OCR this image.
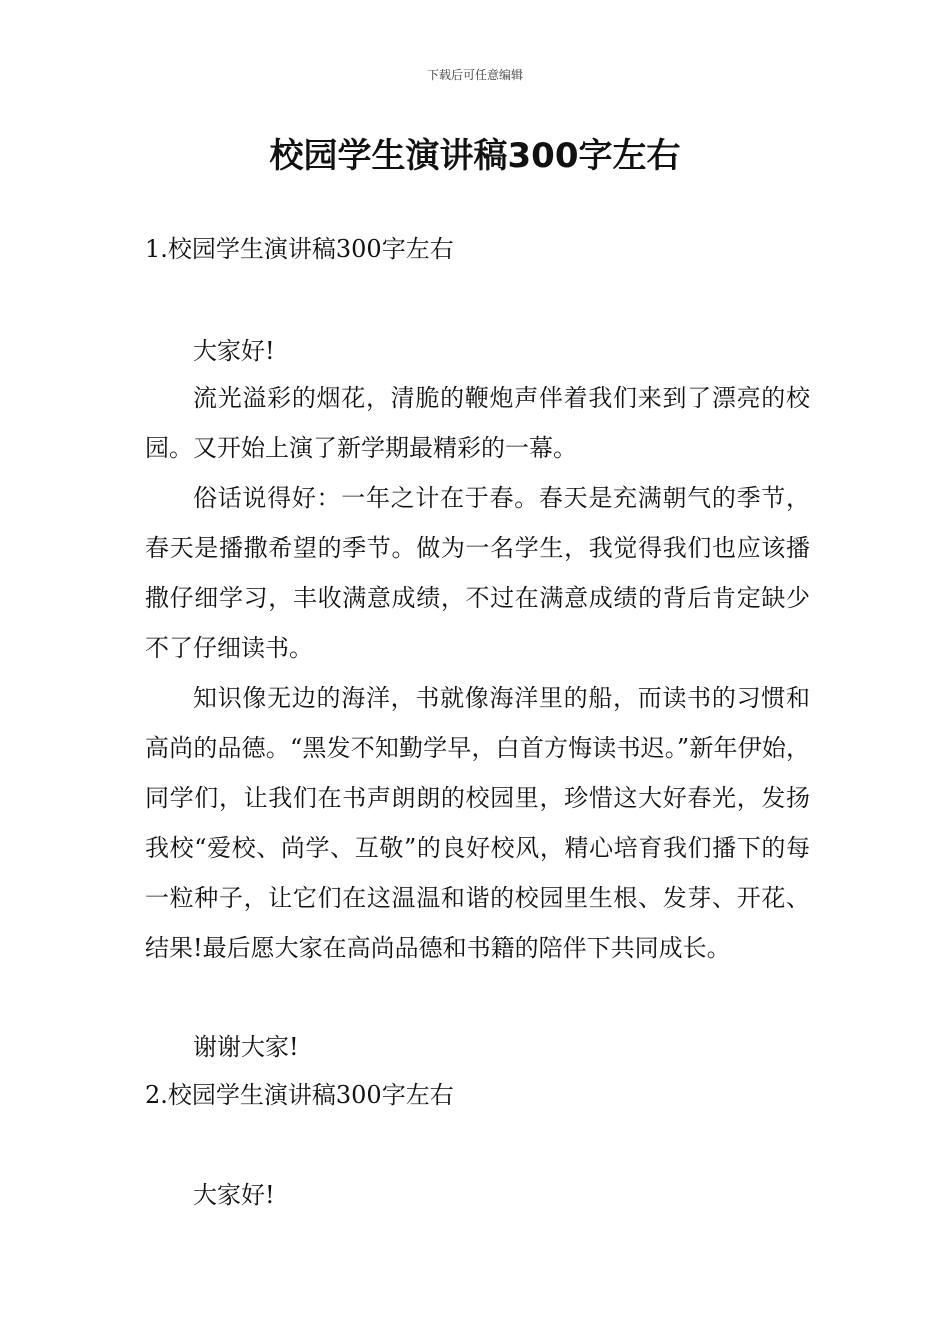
下载后可任意编辑
校园学生演讲稿300字左右
1.校园学生演讲稿300字左右
大家好!

流光溢彩的烟花，清脆的鞭炮声伴着我们来到了漂亮的校园。又开始上演了新学期最精彩的一幕。

俗话说得好：一年之计在于春。春天是充满朝气的季节，春天是播撒希望的季节。做为一名学生，我觉得我们也应该播撒仔细学习，丰收满意成绩，不过在满意成绩的背后肯定缺少不了仔细读书。

知识像无边的海洋，书就像海洋里的船，而读书的习惯和高尚的品德。“黑发不知勤学早，白首方悔读书迟。”新年伊始，同学们，让我们在书声朗朗的校园里，珍惜这大好春光，发扬我校“爱校、尚学、互敬”的良好校风，精心培育我们播下的每一粒种子，让它们在这温温和谐的校园里生根、发芽、开花、结果!最后愿大家在高尚品德和书籍的陪伴下共同成长。

谢谢大家!
2.校园学生演讲稿300字左右
大家好!
